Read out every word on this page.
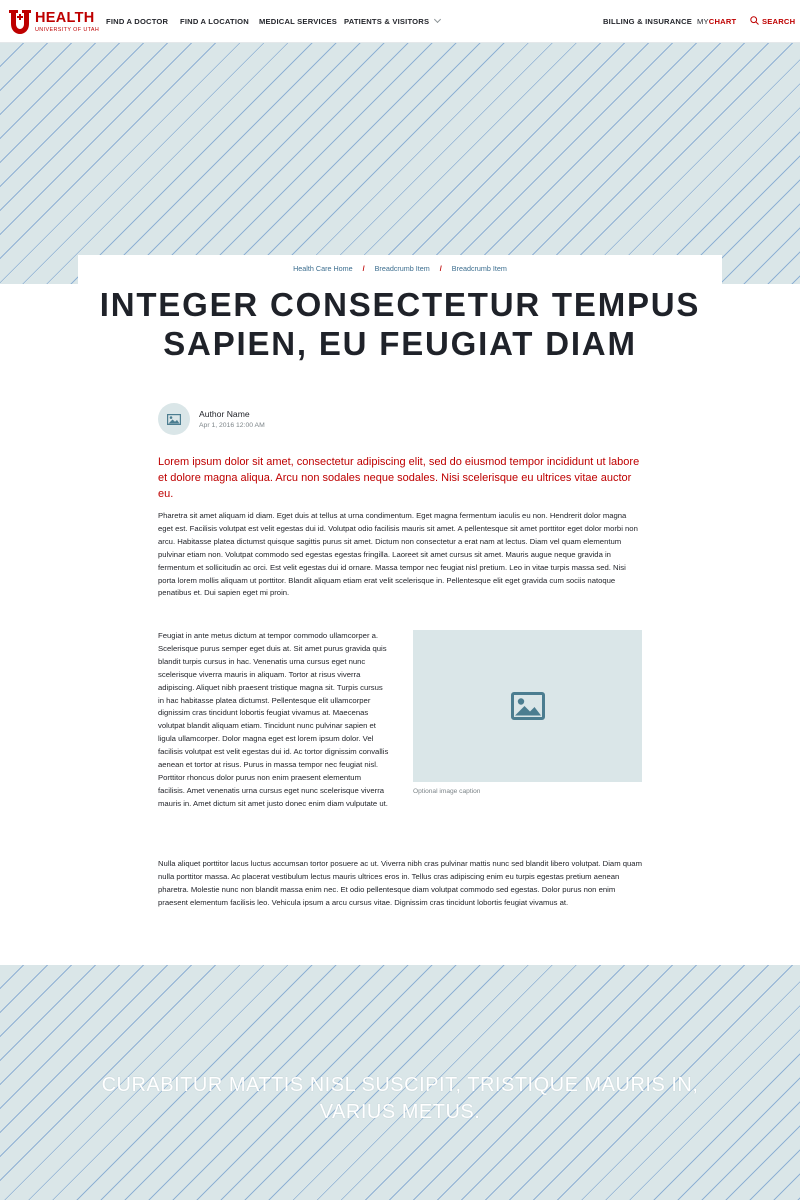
HEALTH
UNIVERSITY OF UTAH
FIND A DOCTOR FIND A LOCATION MEDICAL SERVICES PATIENTS & VISITORS	BILLING & INSURANCE MYCHART	SEARCH
Health Care Home / Breadcrumb Item / Breadcrumb Item
INTEGER CONSECTETUR TEMPUS SAPIEN, EU FEUGIAT DIAM
Author Name
Apr 1, 2016 12:00 AM

Lorem ipsum dolor sit amet, consectetur adipiscing elit, sed do eiusmod tempor incididunt ut labore et dolore magna aliqua. Arcu non sodales neque sodales. Nisi scelerisque eu ultrices vitae auctor eu.

Pharetra sit amet aliquam id diam. Eget duis at tellus at urna condimentum. Eget magna fermentum iaculis eu non. Hendrerit dolor magna eget est. Facilisis volutpat est velit egestas dui id. Volutpat odio facilisis mauris sit amet. A pellentesque sit amet porttitor eget dolor morbi non arcu. Habitasse platea dictumst quisque sagittis purus sit amet. Dictum non consectetur a erat nam at lectus. Diam vel quam elementum pulvinar etiam non. Volutpat commodo sed egestas egestas fringilla. Laoreet sit amet cursus sit amet. Mauris augue neque gravida in fermentum et sollicitudin ac orci. Est velit egestas dui id ornare. Massa tempor nec feugiat nisl pretium. Leo in vitae turpis massa sed. Nisi porta lorem mollis aliquam ut porttitor. Blandit aliquam etiam erat velit scelerisque in. Pellentesque elit eget gravida cum sociis natoque penatibus et. Dui sapien eget mi proin.

Feugiat in ante metus dictum at tempor commodo ullamcorper a. Scelerisque purus semper eget duis at. Sit amet purus gravida quis blandit turpis cursus in hac. Venenatis urna cursus eget nunc scelerisque viverra mauris in aliquam. Tortor at risus viverra adipiscing. Aliquet nibh praesent tristique magna sit. Turpis cursus in hac habitasse platea dictumst. Pellentesque elit ullamcorper dignissim cras tincidunt lobortis feugiat vivamus at. Maecenas volutpat blandit aliquam etiam. Tincidunt nunc pulvinar sapien et ligula ullamcorper. Dolor magna eget est lorem ipsum dolor. Vel facilisis volutpat est velit egestas dui id. Ac tortor dignissim convallis aenean et tortor at risus. Purus in massa tempor nec feugiat nisl. Porttitor rhoncus dolor purus non enim praesent elementum facilisis. Amet venenatis urna cursus eget nunc scelerisque viverra mauris in. Amet dictum sit amet justo donec enim diam vulputate ut.

Optional image caption

Nulla aliquet porttitor lacus luctus accumsan tortor posuere ac ut. Viverra nibh cras pulvinar mattis nunc sed blandit libero volutpat. Diam quam nulla porttitor massa. Ac placerat vestibulum lectus mauris ultrices eros in. Tellus cras adipiscing enim eu turpis egestas pretium aenean pharetra. Molestie nunc non blandit massa enim nec. Et odio pellentesque diam volutpat commodo sed egestas. Dolor purus non enim praesent elementum facilisis leo. Vehicula ipsum a arcu cursus vitae. Dignissim cras tincidunt lobortis feugiat vivamus at.

CURABITUR MATTIS NISL SUSCIPIT, TRISTIQUE MAURIS IN, VARIUS METUS.
